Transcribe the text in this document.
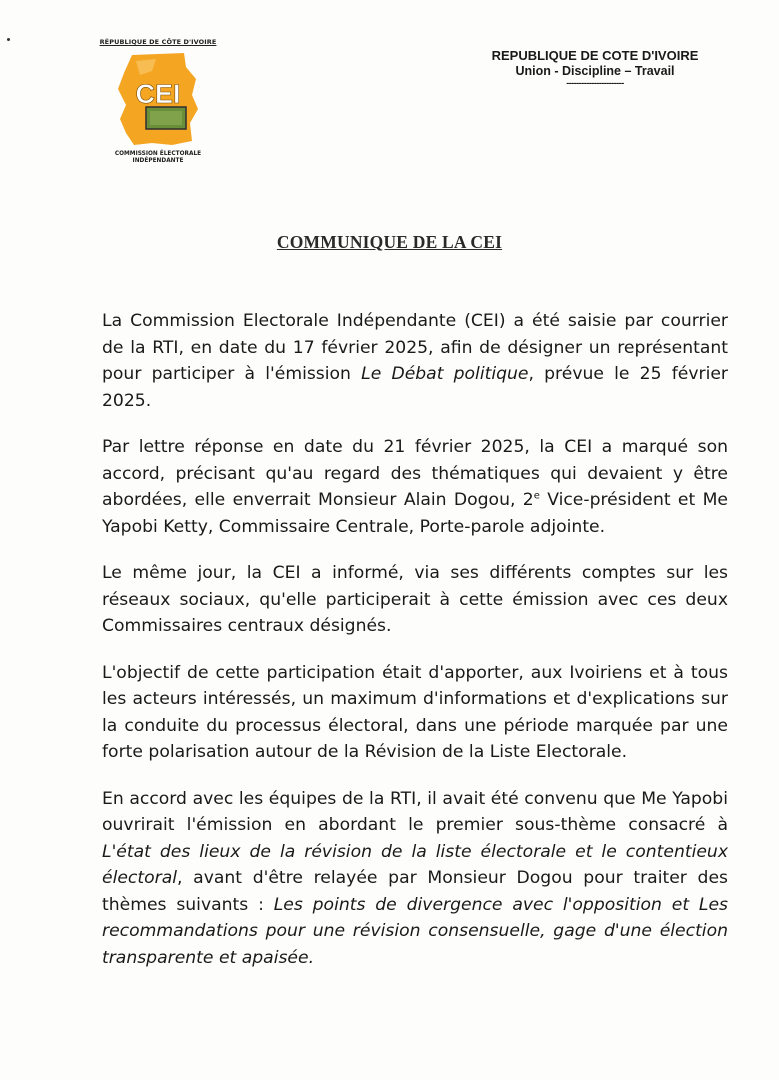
RÉPUBLIQUE DE CÔTE D'IVOIRE
CEI
COMMISSION ÉLECTORALE
INDÉPENDANTE
REPUBLIQUE DE COTE D'IVOIRE
Union - Discipline – Travail
-----------------------
COMMUNIQUE DE LA CEI

La Commission Electorale Indépendante (CEI) a été saisie par courrier de la RTI, en date du 17 février 2025, afin de désigner un représentant pour participer à l'émission Le Débat politique, prévue le 25 février 2025.

Par lettre réponse en date du 21 février 2025, la CEI a marqué son accord, précisant qu'au regard des thématiques qui devaient y être abordées, elle enverrait Monsieur Alain Dogou, 2e Vice-président et Me Yapobi Ketty, Commissaire Centrale, Porte-parole adjointe.

Le même jour, la CEI a informé, via ses différents comptes sur les réseaux sociaux, qu'elle participerait à cette émission avec ces deux Commissaires centraux désignés.

L'objectif de cette participation était d'apporter, aux Ivoiriens et à tous les acteurs intéressés, un maximum d'informations et d'explications sur la conduite du processus électoral, dans une période marquée par une forte polarisation autour de la Révision de la Liste Electorale.

En accord avec les équipes de la RTI, il avait été convenu que Me Yapobi ouvrirait l'émission en abordant le premier sous-thème consacré à L'état des lieux de la révision de la liste électorale et le contentieux électoral, avant d'être relayée par Monsieur Dogou pour traiter des thèmes suivants : Les points de divergence avec l'opposition et Les recommandations pour une révision consensuelle, gage d'une élection transparente et apaisée.
